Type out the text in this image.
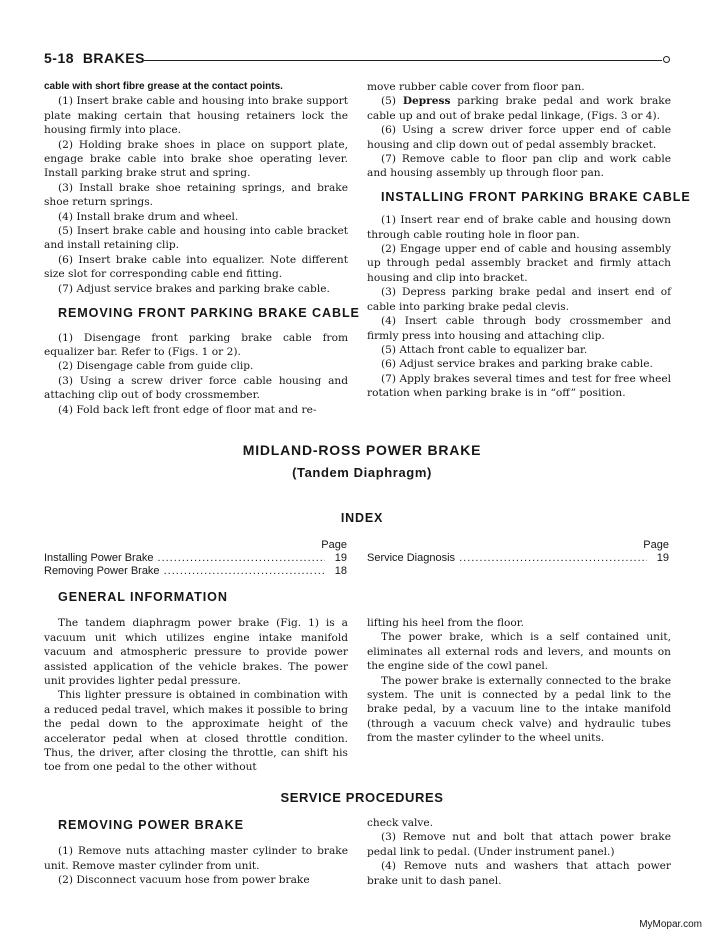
5-18 BRAKES

cable with short fibre grease at the contact points.

(1) Insert brake cable and housing into brake support plate making certain that housing retainers lock the housing firmly into place.

(2) Holding brake shoes in place on support plate, engage brake cable into brake shoe operating lever. Install parking brake strut and spring.

(3) Install brake shoe retaining springs, and brake shoe return springs.

(4) Install brake drum and wheel.

(5) Insert brake cable and housing into cable bracket and install retaining clip.

(6) Insert brake cable into equalizer. Note different size slot for corresponding cable end fitting.

(7) Adjust service brakes and parking brake cable.

REMOVING FRONT PARKING BRAKE CABLE

(1) Disengage front parking brake cable from equalizer bar. Refer to (Figs. 1 or 2).

(2) Disengage cable from guide clip.

(3) Using a screw driver force cable housing and attaching clip out of body crossmember.

(4) Fold back left front edge of floor mat and re-

move rubber cable cover from floor pan.

(5) Depress parking brake pedal and work brake cable up and out of brake pedal linkage, (Figs. 3 or 4).

(6) Using a screw driver force upper end of cable housing and clip down out of pedal assembly bracket.

(7) Remove cable to floor pan clip and work cable and housing assembly up through floor pan.

INSTALLING FRONT PARKING BRAKE CABLE

(1) Insert rear end of brake cable and housing down through cable routing hole in floor pan.

(2) Engage upper end of cable and housing assembly up through pedal assembly bracket and firmly attach housing and clip into bracket.

(3) Depress parking brake pedal and insert end of cable into parking brake pedal clevis.

(4) Insert cable through body crossmember and firmly press into housing and attaching clip.

(5) Attach front cable to equalizer bar.

(6) Adjust service brakes and parking brake cable.

(7) Apply brakes several times and test for free wheel rotation when parking brake is in “off” position.

MIDLAND-ROSS POWER BRAKE
(Tandem Diaphragm)
INDEX
Page
Installing Power Brake .....	19
Removing Power Brake .....	18
Page
Service Diagnosis .....	19

GENERAL INFORMATION

The tandem diaphragm power brake (Fig. 1) is a vacuum unit which utilizes engine intake manifold vacuum and atmospheric pressure to provide power assisted application of the vehicle brakes. The power unit provides lighter pedal pressure.

This lighter pressure is obtained in combination with a reduced pedal travel, which makes it possible to bring the pedal down to the approximate height of the accelerator pedal when at closed throttle condition. Thus, the driver, after closing the throttle, can shift his toe from one pedal to the other without

lifting his heel from the floor.

The power brake, which is a self contained unit, eliminates all external rods and levers, and mounts on the engine side of the cowl panel.

The power brake is externally connected to the brake system. The unit is connected by a pedal link to the brake pedal, by a vacuum line to the intake manifold (through a vacuum check valve) and hydraulic tubes from the master cylinder to the wheel units.

SERVICE PROCEDURES

REMOVING POWER BRAKE

(1) Remove nuts attaching master cylinder to brake unit. Remove master cylinder from unit.

(2) Disconnect vacuum hose from power brake

check valve.

(3) Remove nut and bolt that attach power brake pedal link to pedal. (Under instrument panel.)

(4) Remove nuts and washers that attach power brake unit to dash panel.

MyMopar.com
